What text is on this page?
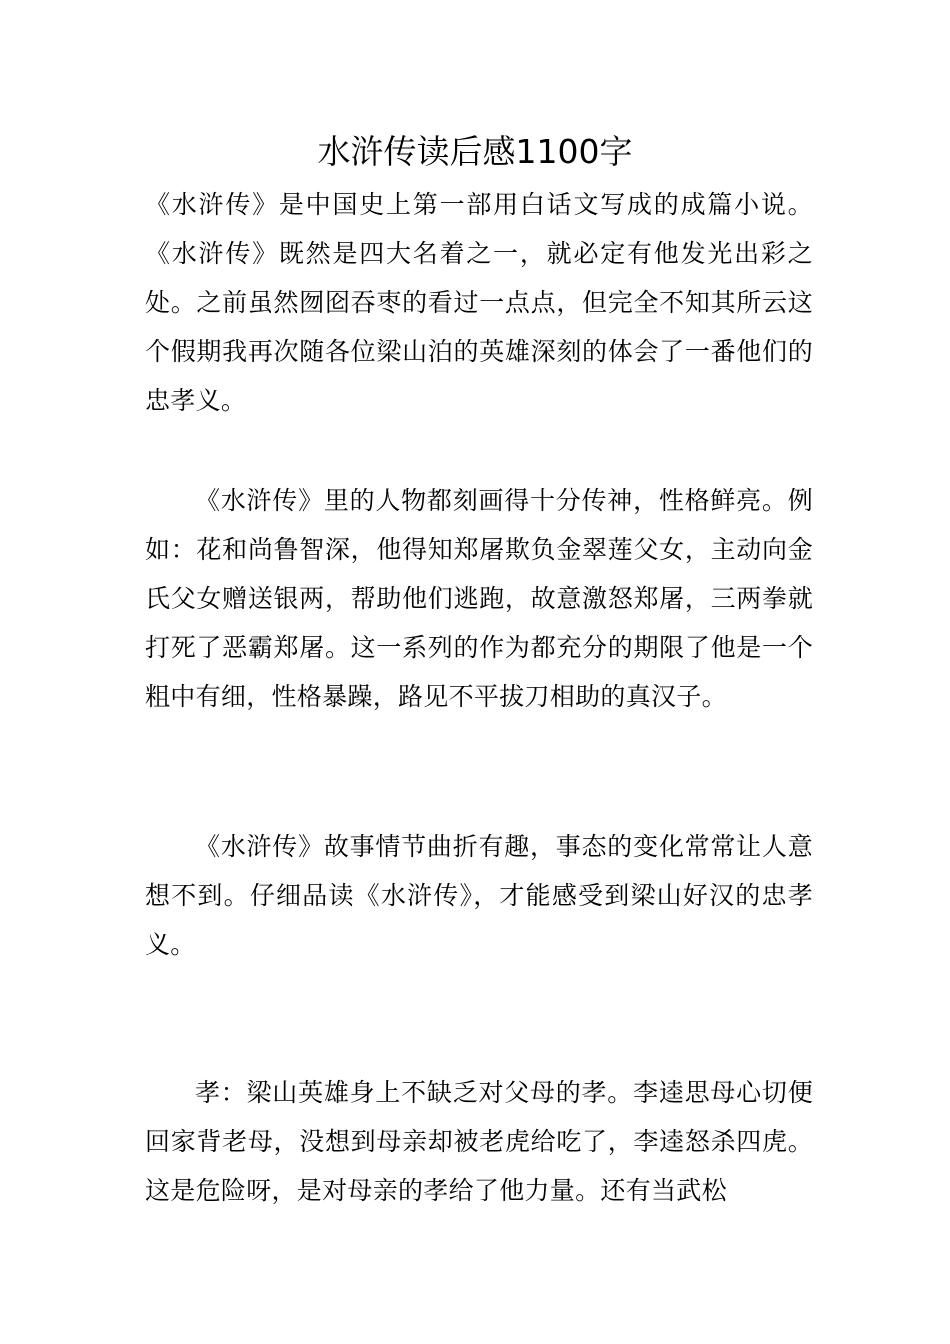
水浒传读后感1100字

《水浒传》是中国史上第一部用白话文写成的成篇小说。《水浒传》既然是四大名着之一，就必定有他发光出彩之处。之前虽然囫囵吞枣的看过一点点，但完全不知其所云这个假期我再次随各位梁山泊的英雄深刻的体会了一番他们的忠孝义。

《水浒传》里的人物都刻画得十分传神，性格鲜亮。例如：花和尚鲁智深，他得知郑屠欺负金翠莲父女，主动向金氏父女赠送银两，帮助他们逃跑，故意激怒郑屠，三两拳就打死了恶霸郑屠。这一系列的作为都充分的期限了他是一个粗中有细，性格暴躁，路见不平拔刀相助的真汉子。

《水浒传》故事情节曲折有趣，事态的变化常常让人意想不到。仔细品读《水浒传》，才能感受到梁山好汉的忠孝义。

孝：梁山英雄身上不缺乏对父母的孝。李逵思母心切便回家背老母，没想到母亲却被老虎给吃了，李逵怒杀四虎。这是危险呀，是对母亲的孝给了他力量。还有当武松
